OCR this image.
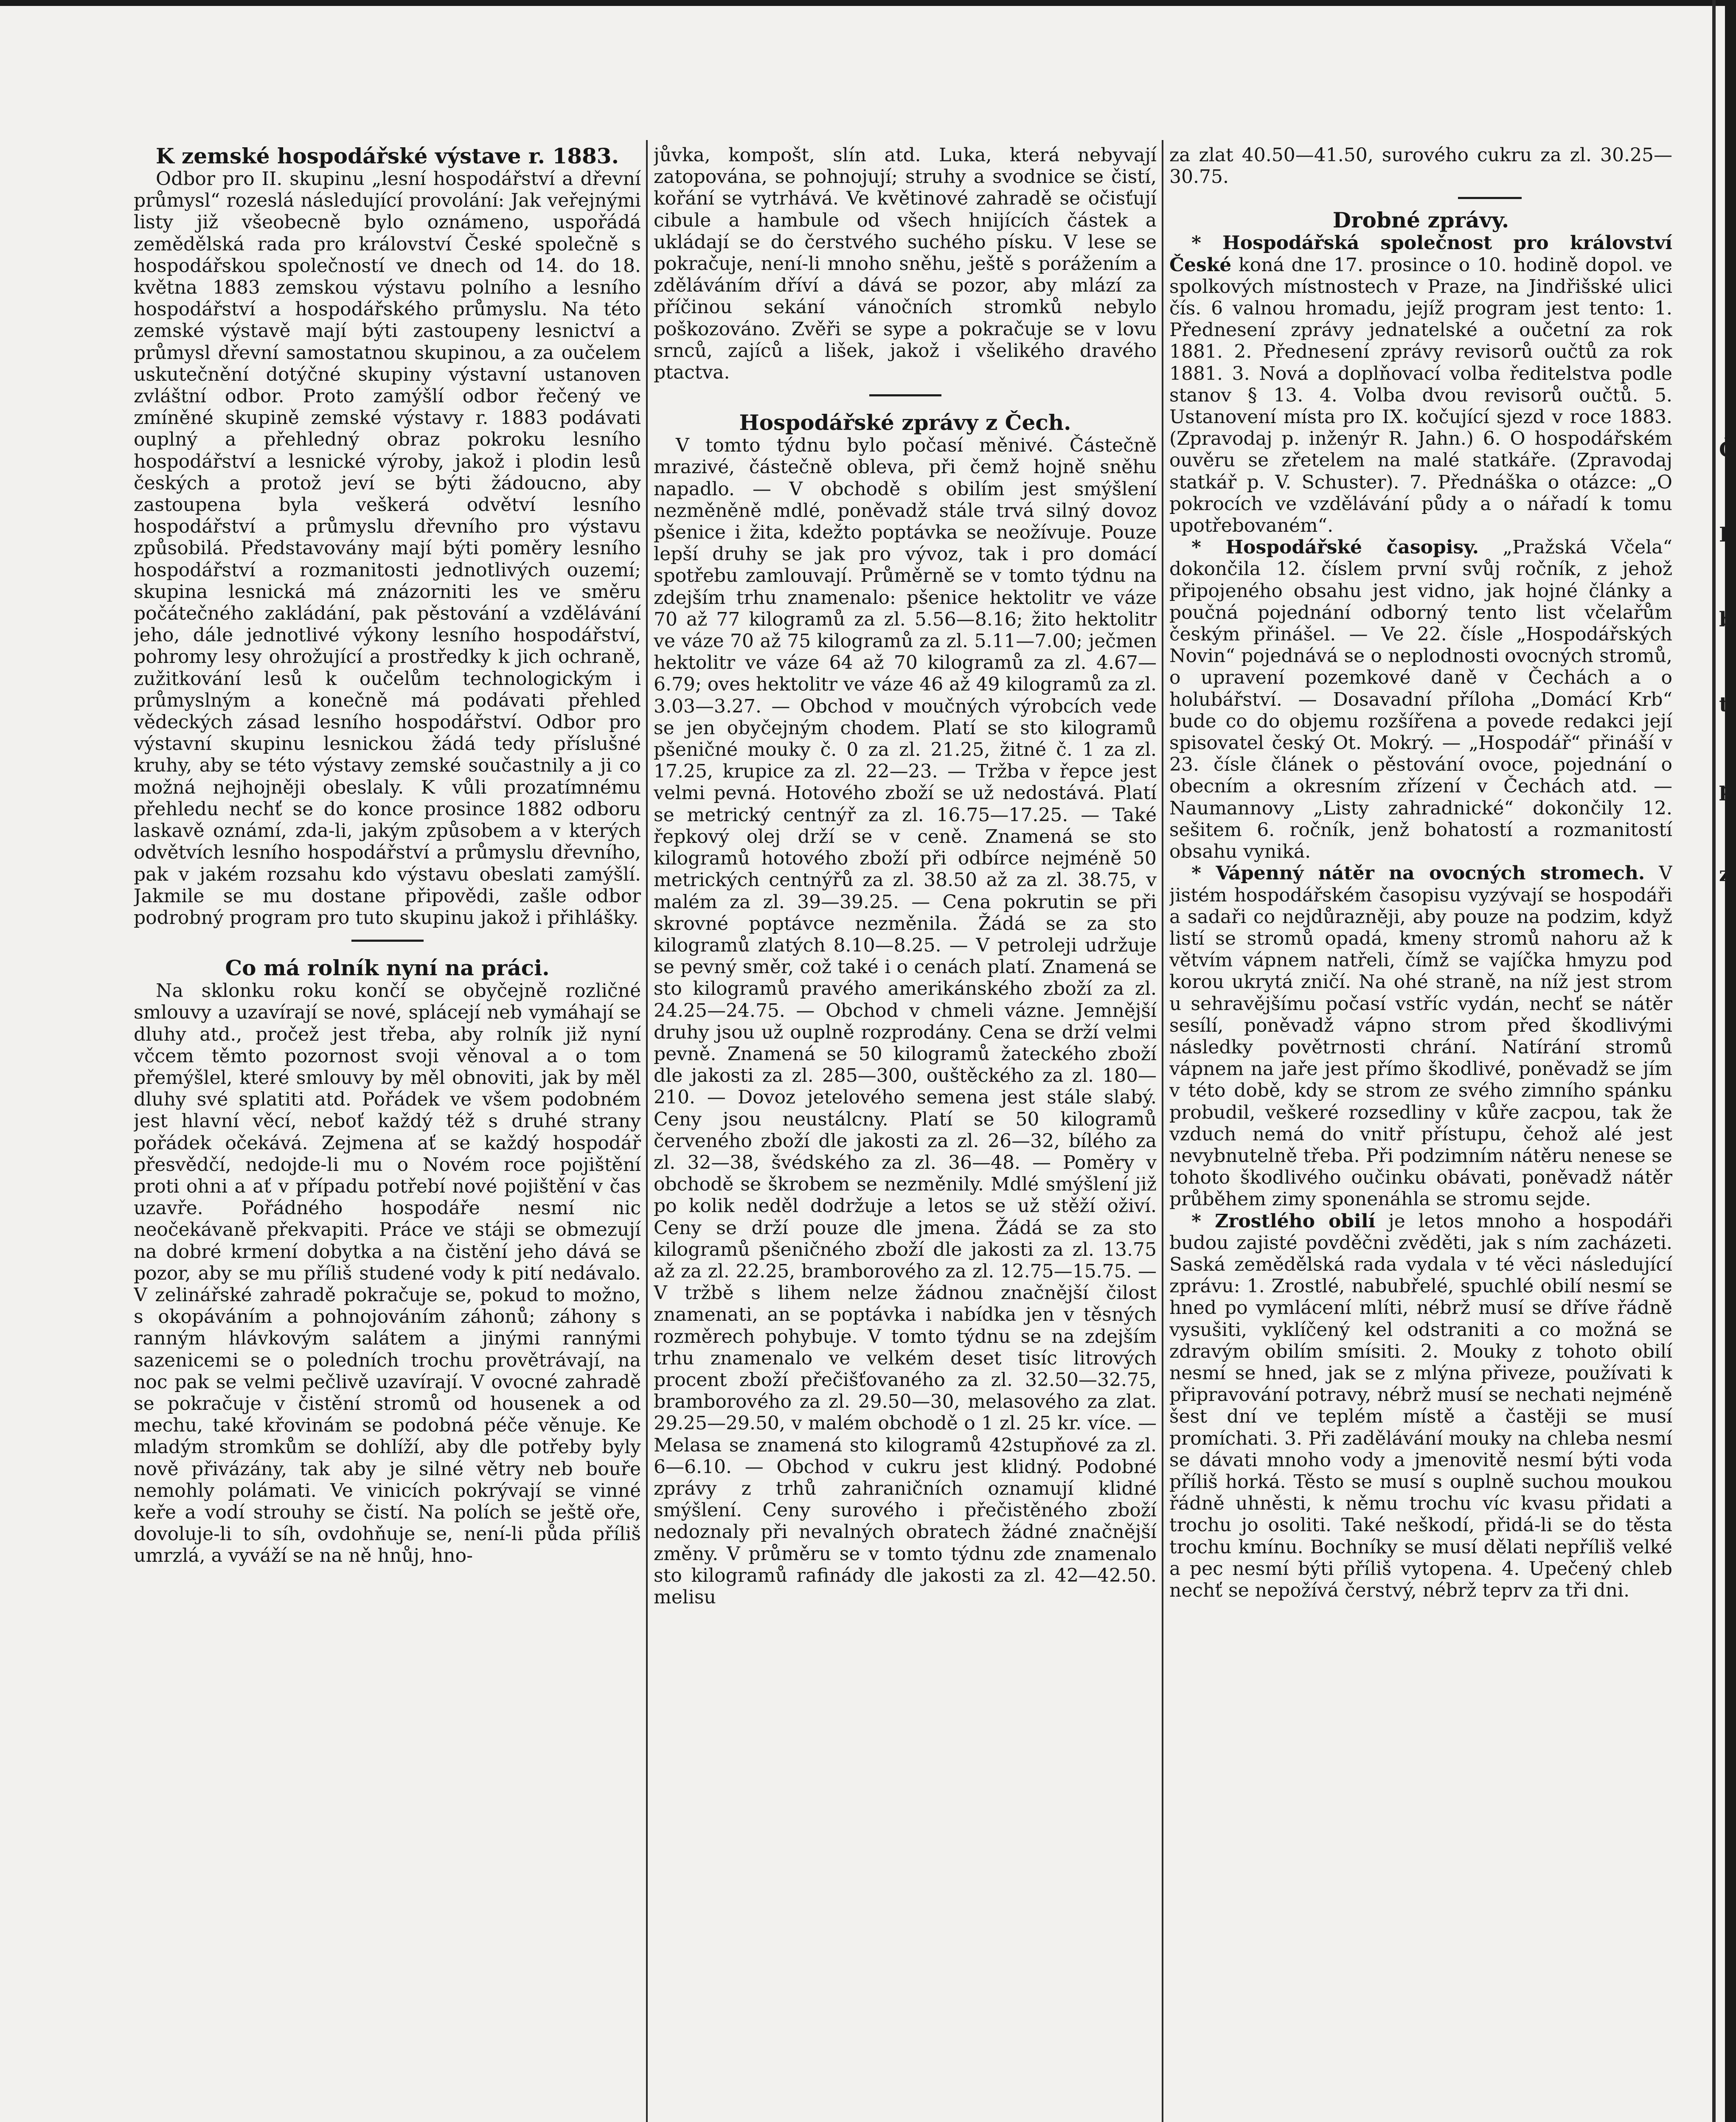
K zemské hospodářské výstave r. 1883.

Odbor pro II. skupinu „lesní hospodářství a dřevní průmysl“ rozeslá následující provolání: Jak veřejnými listy již všeobecně bylo oznámeno, uspořádá zemědělská rada pro království České společně s hospodářskou společností ve dnech od 14. do 18. května 1883 zemskou výstavu polního a lesního hospodářství a hospodářského průmyslu. Na této zemské výstavě mají býti zastoupeny lesnictví a průmysl dřevní samostatnou skupinou, a za oučelem uskutečnění dotýčné skupiny výstavní ustanoven zvláštní odbor. Proto zamýšlí odbor řečený ve zmíněné skupině zemské výstavy r. 1883 podávati ouplný a přehledný obraz pokroku lesního hospodářství a lesnické výroby, jakož i plodin lesů českých a protož jeví se býti žádoucno, aby zastoupena byla veškerá odvětví lesního hospodářství a průmyslu dřevního pro výstavu způsobilá. Představovány mají býti poměry lesního hospodářství a rozmanitosti jednotlivých ouzemí; skupina lesnická má znázorniti les ve směru počátečného zakládání, pak pěstování a vzdělávání jeho, dále jednotlivé výkony lesního hospodářství, pohromy lesy ohrožující a prostředky k jich ochraně, zužitkování lesů k oučelům technologickým i průmyslným a konečně má podávati přehled vědeckých zásad lesního hospodářství. Odbor pro výstavní skupinu lesnickou žádá tedy příslušné kruhy, aby se této výstavy zemské součastnily a ji co možná nejhojněji obeslaly. K vůli prozatímnému přehledu nechť se do konce prosince 1882 odboru laskavě oznámí, zda-li, jakým způsobem a v kterých odvětvích lesního hospodářství a průmyslu dřevního, pak v jakém rozsahu kdo výstavu obeslati zamýšlí. Jakmile se mu dostane připovědi, zašle odbor podrobný program pro tuto skupinu jakož i přihlášky.

Co má rolník nyní na práci.

Na sklonku roku končí se obyčejně rozličné smlouvy a uzavírají se nové, splácejí neb vymáhají se dluhy atd., pročež jest třeba, aby rolník již nyní včcem těmto pozornost svoji věnoval a o tom přemýšlel, které smlouvy by měl obnoviti, jak by měl dluhy své splatiti atd. Pořádek ve všem podobném jest hlavní věcí, neboť každý též s druhé strany pořádek očekává. Zejmena ať se každý hospodář přesvědčí, nedojde-li mu o Novém roce pojištění proti ohni a ať v případu potřebí nové pojištění v čas uzavře. Pořádného hospodáře nesmí nic neočekávaně překvapiti. Práce ve stáji se obmezují na dobré krmení dobytka a na čistění jeho dává se pozor, aby se mu příliš studené vody k pití nedávalo. V zelinářské zahradě pokračuje se, pokud to možno, s okopáváním a pohnojováním záhonů; záhony s ranným hlávkovým salátem a jinými rannými sazenicemi se o poledních trochu provětrávají, na noc pak se velmi pečlivě uzavírají. V ovocné zahradě se pokračuje v čistění stromů od housenek a od mechu, také křovinám se podobná péče věnuje. Ke mladým stromkům se dohlíží, aby dle potřeby byly nově přivázány, tak aby je silné větry neb bouře nemohly polámati. Ve vinicích pokrývají se vinné keře a vodí strouhy se čistí. Na polích se ještě oře, dovoluje-li to síh, ovdohňuje se, není-li půda příliš umrzlá, a vyváží se na ně hnůj, hno-

jůvka, kompošt, slín atd. Luka, která nebyvají zatopována, se pohnojují; struhy a svodnice se čistí, kořání se vytrhává. Ve květinové zahradě se očisťují cibule a hambule od všech hnijících částek a ukládají se do čerstvého suchého písku. V lese se pokračuje, není-li mnoho sněhu, ještě s porážením a zděláváním dříví a dává se pozor, aby mlází za příčinou sekání vánočních stromků nebylo poškozováno. Zvěři se sype a pokračuje se v lovu srnců, zajíců a lišek, jakož i všelikého dravého ptactva.

Hospodářské zprávy z Čech.

V tomto týdnu bylo počasí měnivé. Částečně mrazivé, částečně obleva, při čemž hojně sněhu napadlo. — V obchodě s obilím jest smýšlení nezměněně mdlé, poněvadž stále trvá silný dovoz pšenice i žita, kdežto poptávka se neožívuje. Pouze lepší druhy se jak pro vývoz, tak i pro domácí spotřebu zamlouvají. Průměrně se v tomto týdnu na zdejším trhu znamenalo: pšenice hektolitr ve váze 70 až 77 kilogramů za zl. 5.56—8.16; žito hektolitr ve váze 70 až 75 kilogramů za zl. 5.11—7.00; ječmen hektolitr ve váze 64 až 70 kilogramů za zl. 4.67—6.79; oves hektolitr ve váze 46 až 49 kilogramů za zl. 3.03—3.27. — Obchod v moučných výrobcích vede se jen obyčejným chodem. Platí se sto kilogramů pšeničné mouky č. 0 za zl. 21.25, žitné č. 1 za zl. 17.25, krupice za zl. 22—23. — Tržba v řepce jest velmi pevná. Hotového zboží se už nedostává. Platí se metrický centnýř za zl. 16.75—17.25. — Také řepkový olej drží se v ceně. Znamená se sto kilogramů hotového zboží při odbírce nejméně 50 metrických centnýřů za zl. 38.50 až za zl. 38.75, v malém za zl. 39—39.25. — Cena pokrutin se při skrovné poptávce nezměnila. Žádá se za sto kilogramů zlatých 8.10—8.25. — V petroleji udržuje se pevný směr, což také i o cenách platí. Znamená se sto kilogramů pravého amerikánského zboží za zl. 24.25—24.75. — Obchod v chmeli vázne. Jemnější druhy jsou už ouplně rozprodány. Cena se drží velmi pevně. Znamená se 50 kilogramů žateckého zboží dle jakosti za zl. 285—300, ouštěckého za zl. 180—210. — Dovoz jetelového semena jest stále slabý. Ceny jsou neustálcny. Platí se 50 kilogramů červeného zboží dle jakosti za zl. 26—32, bílého za zl. 32—38, švédského za zl. 36—48. — Poměry v obchodě se škrobem se nezměnily. Mdlé smýšlení již po kolik neděl dodržuje a letos se už stěží oživí. Ceny se drží pouze dle jmena. Žádá se za sto kilogramů pšeničného zboží dle jakosti za zl. 13.75 až za zl. 22.25, bramborového za zl. 12.75—15.75. — V tržbě s lihem nelze žádnou značnější čilost znamenati, an se poptávka i nabídka jen v těsných rozměrech pohybuje. V tomto týdnu se na zdejším trhu znamenalo ve velkém deset tisíc litrových procent zboží přečišťovaného za zl. 32.50—32.75, bramborového za zl. 29.50—30, melasového za zlat. 29.25—29.50, v malém obchodě o 1 zl. 25 kr. více. — Melasa se znamená sto kilogramů 42stupňové za zl. 6—6.10. — Obchod v cukru jest klidný. Podobné zprávy z trhů zahraničních oznamují klidné smýšlení. Ceny surového i přečistěného zboží nedoznaly při nevalných obratech žádné značnější změny. V průměru se v tomto týdnu zde znamenalo sto kilogramů rafinády dle jakosti za zl. 42—42.50. melisu

za zlat 40.50—41.50, surového cukru za zl. 30.25—30.75.

Drobné zprávy.

* Hospodářská společnost pro království České koná dne 17. prosince o 10. hodině dopol. ve spolkových místnostech v Praze, na Jindřišské ulici čís. 6 valnou hromadu, jejíž program jest tento: 1. Přednesení zprávy jednatelské a oučetní za rok 1881. 2. Přednesení zprávy revisorů oučtů za rok 1881. 3. Nová a doplňovací volba ředitelstva podle stanov § 13. 4. Volba dvou revisorů oučtů. 5. Ustanovení místa pro IX. kočující sjezd v roce 1883. (Zpravodaj p. inženýr R. Jahn.) 6. O hospodářském ouvěru se zřetelem na malé statkáře. (Zpravodaj statkář p. V. Schuster). 7. Přednáška o otázce: „O pokrocích ve vzdělávání půdy a o nářadí k tomu upotřebovaném“.

* Hospodářské časopisy. „Pražská Včela“ dokončila 12. číslem první svůj ročník, z jehož připojeného obsahu jest vidno, jak hojné články a poučná pojednání odborný tento list včelařům českým přinášel. — Ve 22. čísle „Hospodářských Novin“ pojednává se o neplodnosti ovocných stromů, o upravení pozemkové daně v Čechách a o holubářství. — Dosavadní příloha „Domácí Krb“ bude co do objemu rozšířena a povede redakci její spisovatel český Ot. Mokrý. — „Hospodář“ přináší v 23. čísle článek o pěstování ovoce, pojednání o obecním a okresním zřízení v Čechách atd. — Naumannovy „Listy zahradnické“ dokončily 12. sešitem 6. ročník, jenž bohatostí a rozmanitostí obsahu vyniká.

* Vápenný nátěr na ovocných stromech. V jistém hospodářském časopisu vyzývají se hospodáři a sadaři co nejdůrazněji, aby pouze na podzim, když listí se stromů opadá, kmeny stromů nahoru až k větvím vápnem natřeli, čímž se vajíčka hmyzu pod korou ukrytá zničí. Na ohé straně, na níž jest strom u sehravějšímu počasí vstříc vydán, nechť se nátěr sesílí, poněvadž vápno strom před škodlivými následky povětrnosti chrání. Natírání stromů vápnem na jaře jest přímo škodlivé, poněvadž se jím v této době, kdy se strom ze svého zimního spánku probudil, veškeré rozsedliny v kůře zacpou, tak že vzduch nemá do vnitř přístupu, čehož alé jest nevybnutelně třeba. Při podzimním nátěru nenese se tohoto škodlivého oučinku obávati, poněvadž nátěr průběhem zimy sponenáhla se stromu sejde.

* Zrostlého obilí je letos mnoho a hospodáři budou zajisté povděčni zvěděti, jak s ním zacházeti. Saská zemědělská rada vydala v té věci následující zprávu: 1. Zrostlé, nabubřelé, spuchlé obilí nesmí se hned po vymlácení mlíti, nébrž musí se dříve řádně vysušiti, vyklíčený kel odstraniti a co možná se zdravým obilím smísiti. 2. Mouky z tohoto obilí nesmí se hned, jak se z mlýna přiveze, používati k připravování potravy, nébrž musí se nechati nejméně šest dní ve teplém místě a častěji se musí promíchati. 3. Při zadělávání mouky na chleba nesmí se dávati mnoho vody a jmenovitě nesmí býti voda příliš horká. Těsto se musí s ouplně suchou moukou řádně uhněsti, k němu trochu víc kvasu přidati a trochu jo osoliti. Také neškodí, přidá-li se do těsta trochu kmínu. Bochníky se musí dělati nepříliš velké a pec nesmí býti příliš vytopena. 4. Upečený chleb nechť se nepožívá čerstvý, nébrž teprv za tři dni.

Č
I
b
t
p
z
